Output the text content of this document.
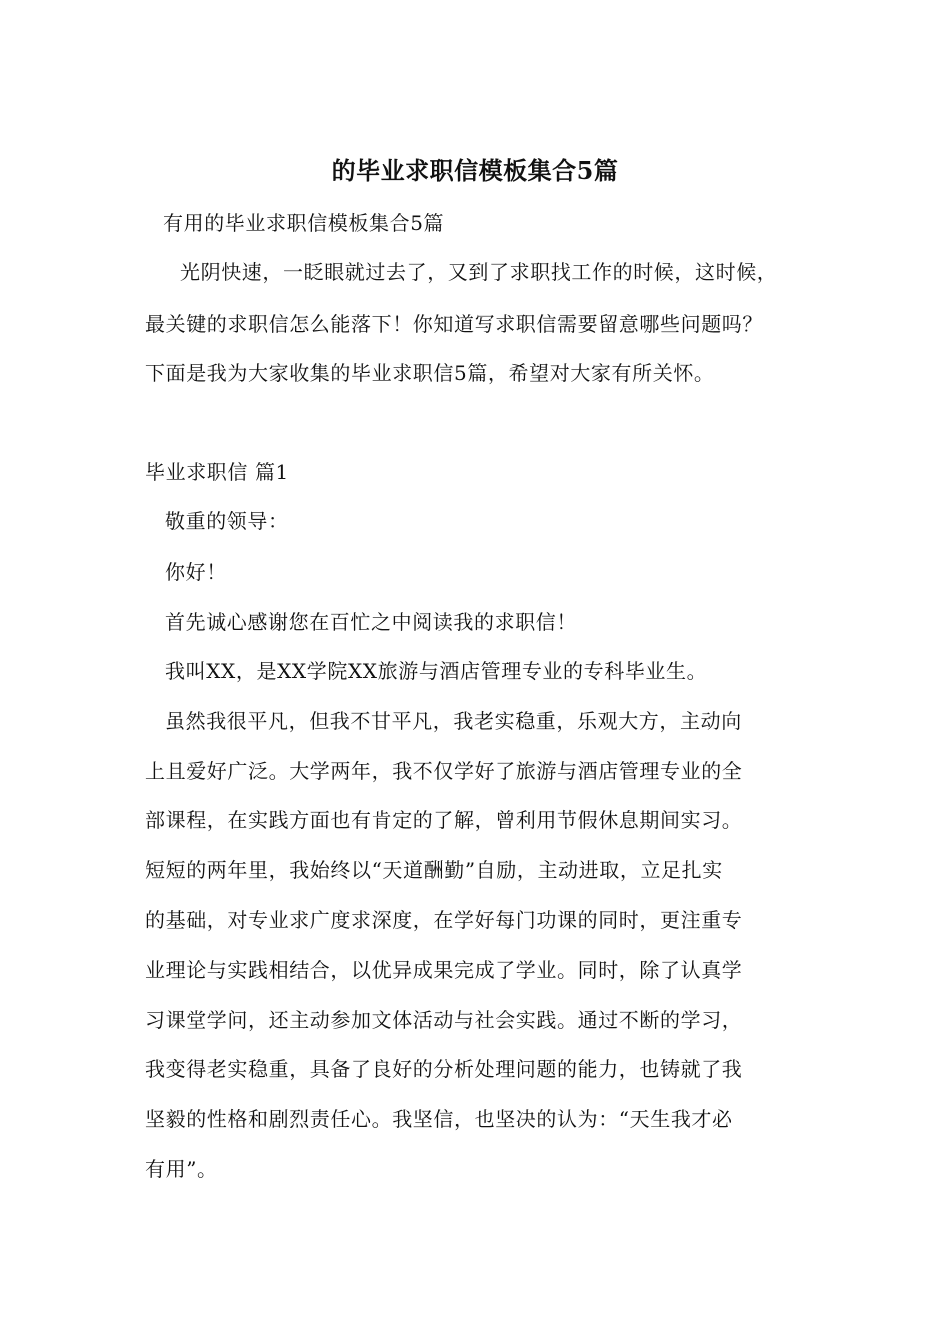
的毕业求职信模板集合5篇
有用的毕业求职信模板集合5篇
光阴快速，一眨眼就过去了，又到了求职找工作的时候，这时候，
最关键的求职信怎么能落下！你知道写求职信需要留意哪些问题吗？
下面是我为大家收集的毕业求职信5篇，希望对大家有所关怀。
毕业求职信 篇1
敬重的领导：
你好！
首先诚心感谢您在百忙之中阅读我的求职信！
我叫XX，是XX学院XX旅游与酒店管理专业的专科毕业生。
虽然我很平凡，但我不甘平凡，我老实稳重，乐观大方，主动向
上且爱好广泛。大学两年，我不仅学好了旅游与酒店管理专业的全
部课程，在实践方面也有肯定的了解，曾利用节假休息期间实习。
短短的两年里，我始终以“天道酬勤”自励，主动进取，立足扎实
的基础，对专业求广度求深度，在学好每门功课的同时，更注重专
业理论与实践相结合，以优异成果完成了学业。同时，除了认真学
习课堂学问，还主动参加文体活动与社会实践。通过不断的学习，
我变得老实稳重，具备了良好的分析处理问题的能力，也铸就了我
坚毅的性格和剧烈责任心。我坚信，也坚决的认为：“天生我才必
有用”。
